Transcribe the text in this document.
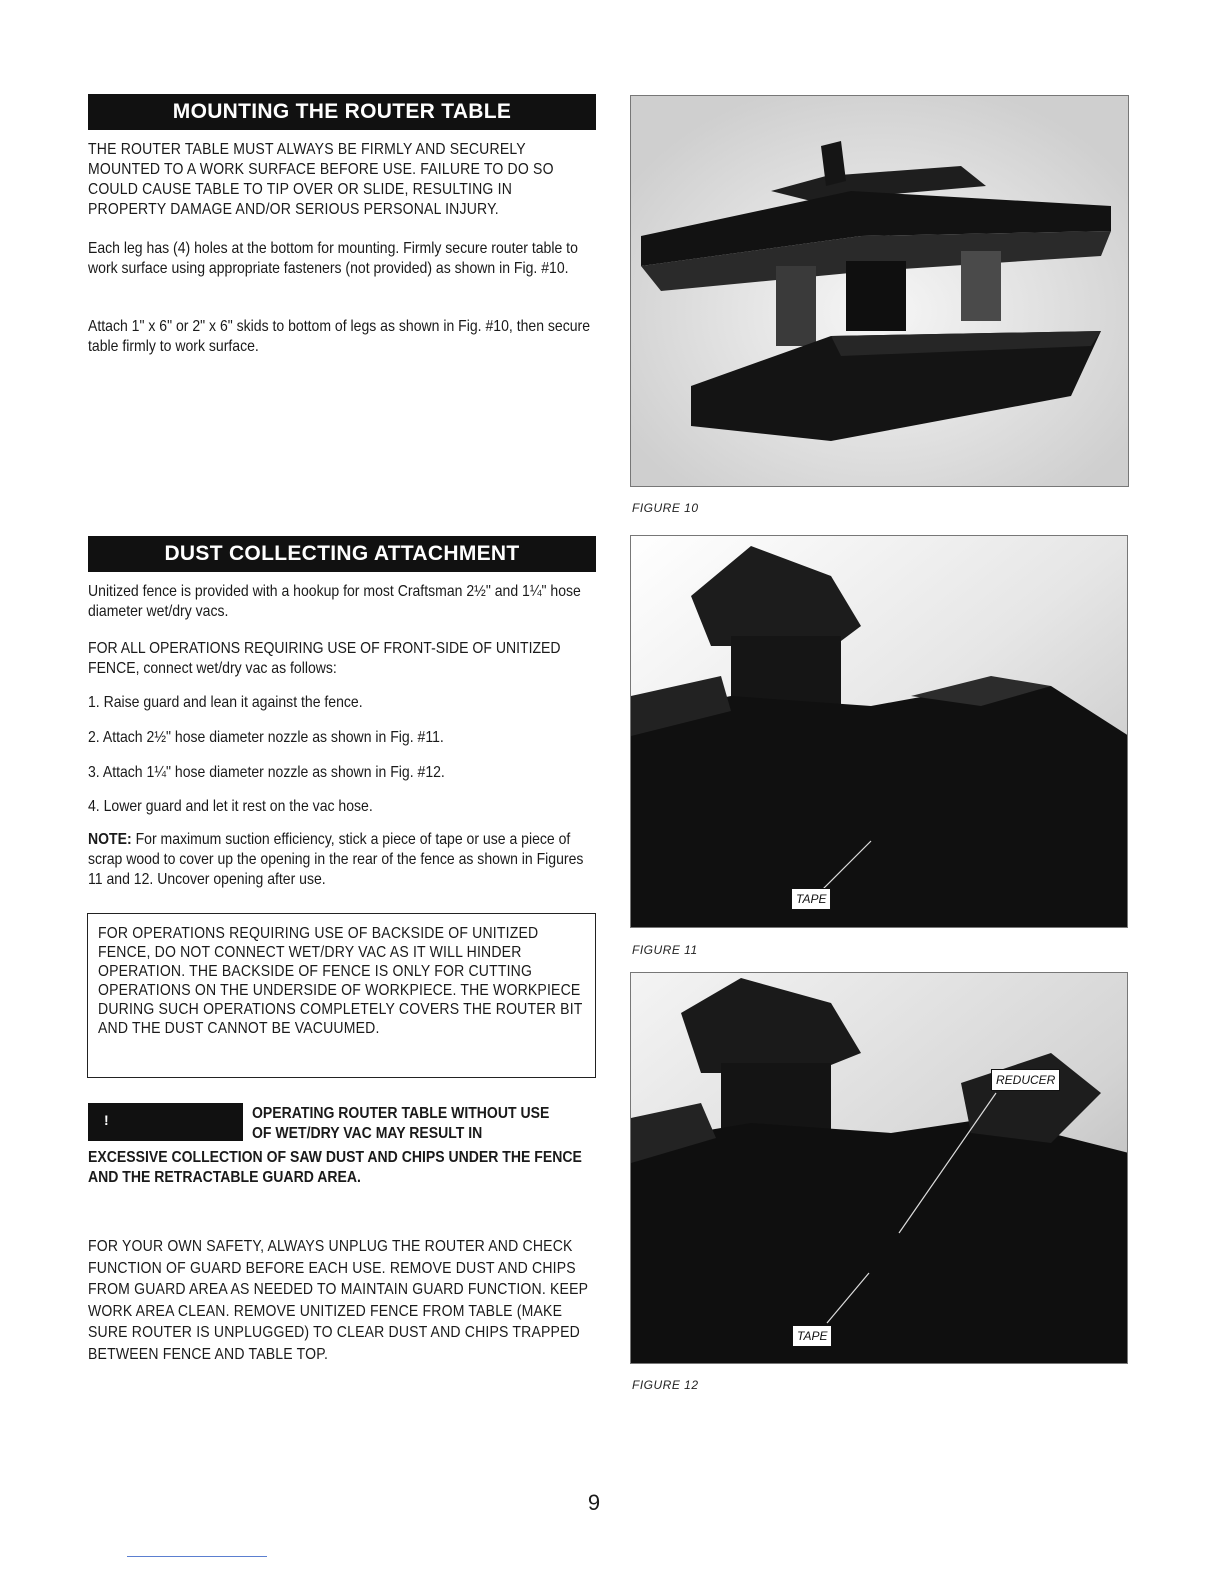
MOUNTING THE ROUTER TABLE

THE ROUTER TABLE MUST ALWAYS BE FIRMLY AND SECURELY MOUNTED TO A WORK SURFACE BEFORE USE. FAILURE TO DO SO COULD CAUSE TABLE TO TIP OVER OR SLIDE, RESULTING IN PROPERTY DAMAGE AND/OR SERIOUS PERSONAL INJURY.

Each leg has (4) holes at the bottom for mounting. Firmly secure router table to work surface using appropriate fasteners (not provided) as shown in Fig. #10.

Attach 1" x 6" or 2" x 6" skids to bottom of legs as shown in Fig. #10, then secure table firmly to work surface.

FIGURE 10
DUST COLLECTING ATTACHMENT

Unitized fence is provided with a hookup for most Craftsman 2½" and 1¼" hose diameter wet/dry vacs.

FOR ALL OPERATIONS REQUIRING USE OF FRONT-SIDE OF UNITIZED FENCE, connect wet/dry vac as follows:

1. Raise guard and lean it against the fence.

2. Attach 2½" hose diameter nozzle as shown in Fig. #11.

3. Attach 1¼" hose diameter nozzle as shown in Fig. #12.

4. Lower guard and let it rest on the vac hose.

NOTE: For maximum suction efficiency, stick a piece of tape or use a piece of scrap wood to cover up the opening in the rear of the fence as shown in Figures 11 and 12. Uncover opening after use.

FOR OPERATIONS REQUIRING USE OF BACKSIDE OF UNITIZED FENCE, DO NOT CONNECT WET/DRY VAC AS IT WILL HINDER OPERATION. THE BACKSIDE OF FENCE IS ONLY FOR CUTTING OPERATIONS ON THE UNDERSIDE OF WORKPIECE. THE WORKPIECE DURING SUCH OPERATIONS COMPLETELY COVERS THE ROUTER BIT AND THE DUST CANNOT BE VACUUMED.

!	OPERATING ROUTER TABLE WITHOUT USE

OF WET/DRY VAC MAY RESULT IN

EXCESSIVE COLLECTION OF SAW DUST AND CHIPS UNDER THE FENCE AND THE RETRACTABLE GUARD AREA.

FOR YOUR OWN SAFETY, ALWAYS UNPLUG THE ROUTER AND CHECK FUNCTION OF GUARD BEFORE EACH USE. REMOVE DUST AND CHIPS FROM GUARD AREA AS NEEDED TO MAINTAIN GUARD FUNCTION. KEEP WORK AREA CLEAN. REMOVE UNITIZED FENCE FROM TABLE (MAKE SURE ROUTER IS UNPLUGGED) TO CLEAR DUST AND CHIPS TRAPPED BETWEEN FENCE AND TABLE TOP.

TAPE
FIGURE 11
REDUCER
TAPE
FIGURE 12
9
